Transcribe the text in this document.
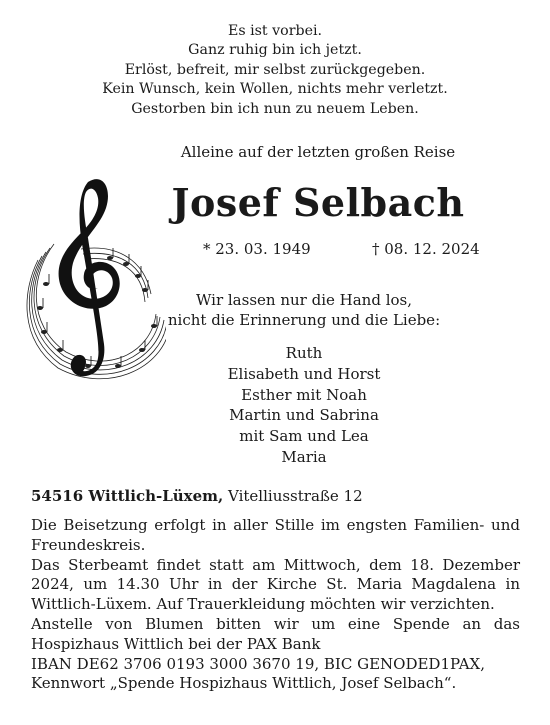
Es ist vorbei.
Ganz ruhig bin ich jetzt.
Erlöst, befreit, mir selbst zurückgegeben.
Kein Wunsch, kein Wollen, nichts mehr verletzt.
Gestorben bin ich nun zu neuem Leben.
Alleine auf der letzten großen Reise
Josef Selbach
* 23. 03. 1949	† 08. 12. 2024
Wir lassen nur die Hand los,
nicht die Erinnerung und die Liebe:
Ruth
Elisabeth und Horst
Esther mit Noah
Martin und Sabrina
mit Sam und Lea
Maria
54516 Wittlich-Lüxem, Vitelliusstraße 12

Die Beisetzung erfolgt in aller Stille im engsten Familien- und Freundeskreis.

Das Sterbeamt findet statt am Mittwoch, dem 18. Dezember 2024, um 14.30 Uhr in der Kirche St. Maria Magdalena in Wittlich-Lüxem. Auf Trauerkleidung möchten wir verzichten.

Anstelle von Blumen bitten wir um eine Spende an das Hospizhaus Wittlich bei der PAX Bank

IBAN DE62 3706 0193 3000 3670 19, BIC GENODED1PAX,

Kennwort „Spende Hospizhaus Wittlich, Josef Selbach“.
